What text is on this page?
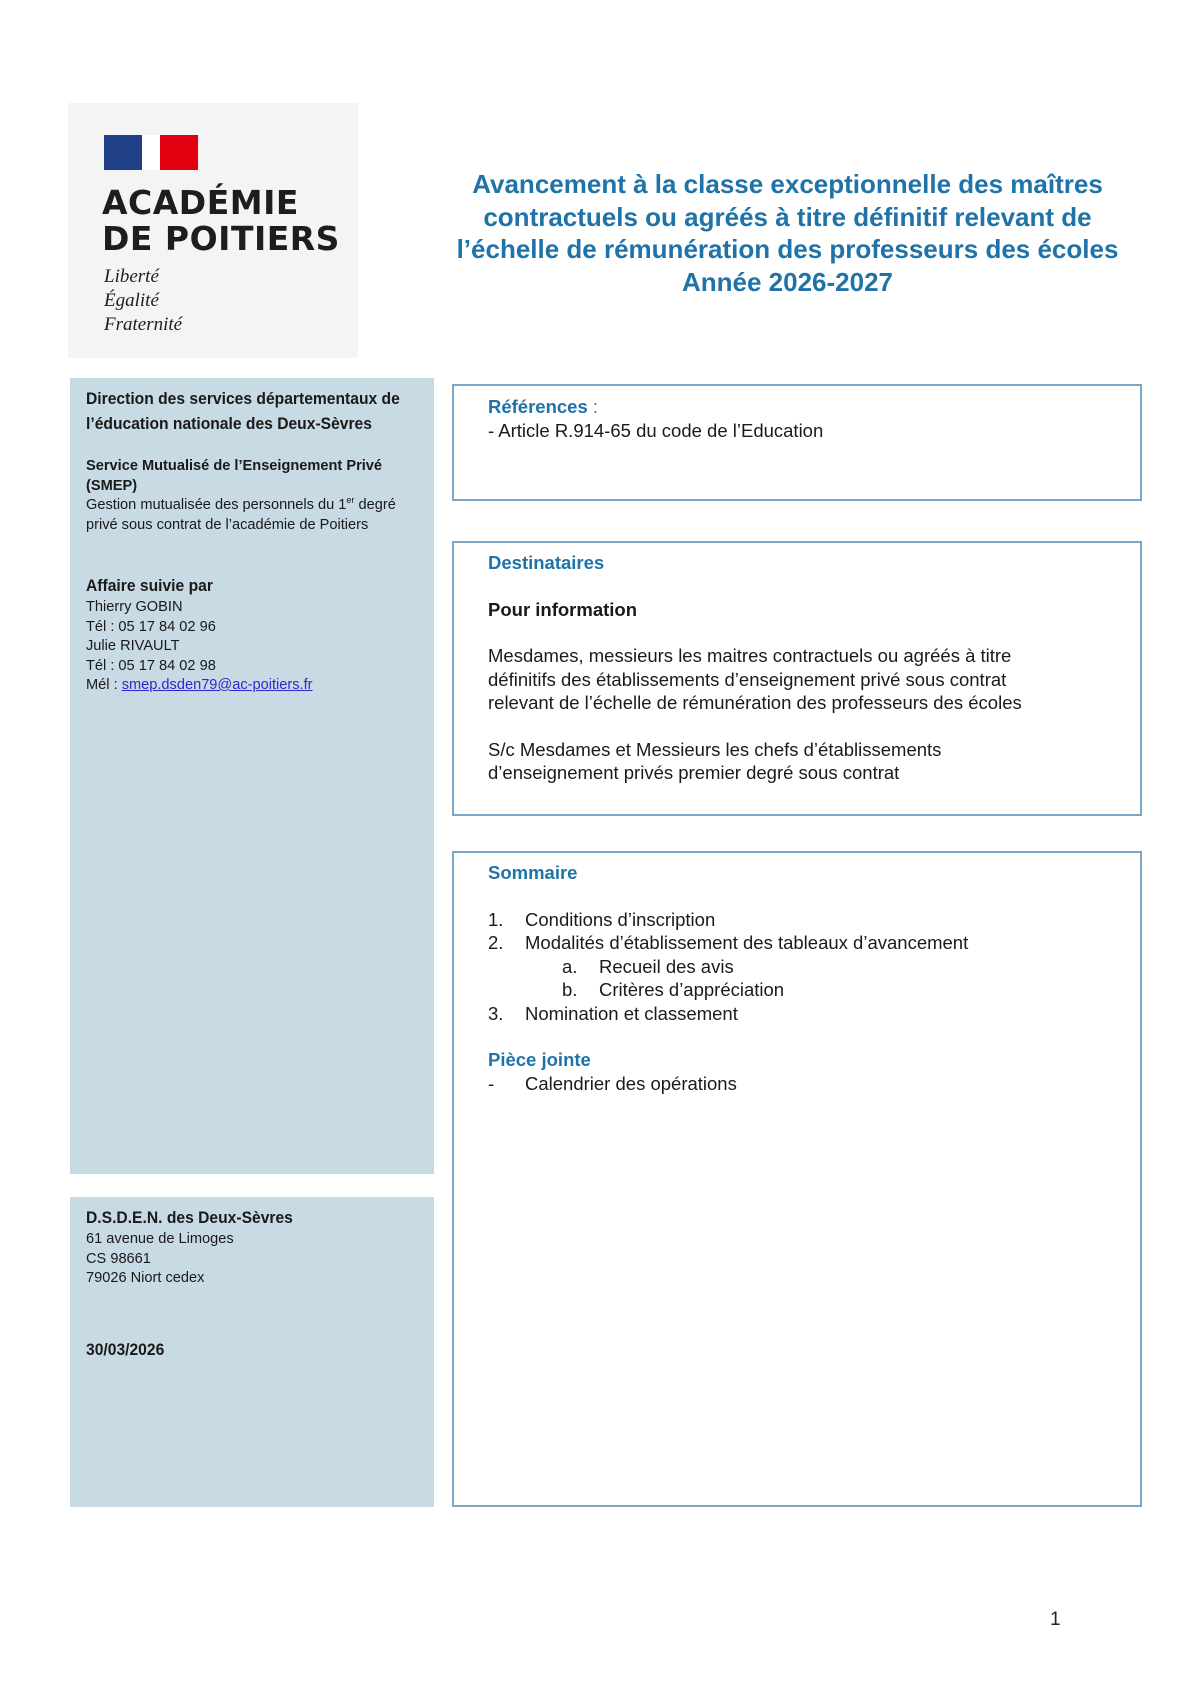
ACADÉMIE
DE POITIERS
Liberté
Égalité
Fraternité
Avancement à la classe exceptionnelle des maîtres
contractuels ou agréés à titre définitif relevant de
l’échelle de rémunération des professeurs des écoles
Année 2026-2027
Direction des services départementaux de
l’éducation nationale des Deux-Sèvres
Service Mutualisé de l’Enseignement Privé (SMEP)
Gestion mutualisée des personnels du 1er degré privé sous contrat de l’académie de Poitiers
Affaire suivie par
Thierry GOBIN
Tél : 05 17 84 02 96
Julie RIVAULT
Tél : 05 17 84 02 98
Mél : smep.dsden79@ac-poitiers.fr
D.S.D.E.N. des Deux-Sèvres
61 avenue de Limoges
CS 98661
79026 Niort cedex
30/03/2026
Références :
- Article R.914-65 du code de l’Education
Destinataires
Pour information
Mesdames, messieurs les maitres contractuels ou agréés à titre
définitifs des établissements d’enseignement privé sous contrat
relevant de l’échelle de rémunération des professeurs des écoles
S/c Mesdames et Messieurs les chefs d’établissements
d’enseignement privés premier degré sous contrat
Sommaire
1. Conditions d’inscription
2. Modalités d’établissement des tableaux d’avancement
a. Recueil des avis
b. Critères d’appréciation
3. Nomination et classement
Pièce jointe
- Calendrier des opérations
1
